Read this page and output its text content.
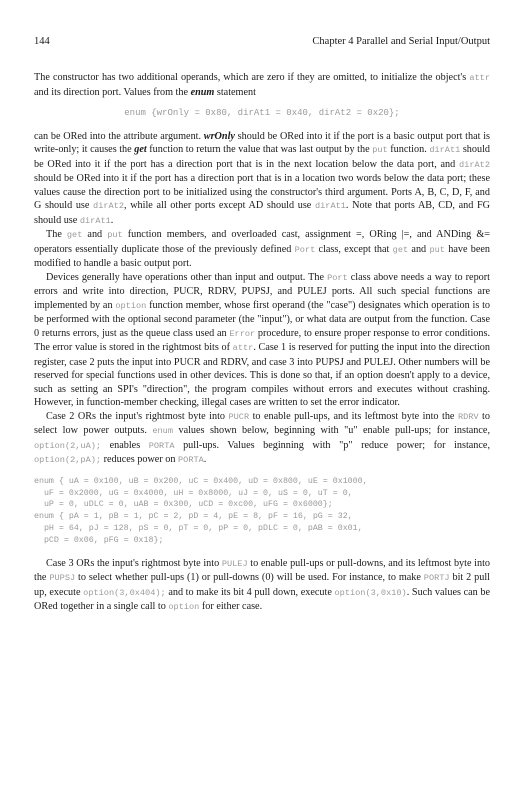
144	Chapter 4 Parallel and Serial Input/Output

The constructor has two additional operands, which are zero if they are omitted, to initialize the object's attr and its direction port. Values from the enum statement

enum {wrOnly = 0x80, dirAt1 = 0x40, dirAt2 = 0x20};

can be ORed into the attribute argument. wrOnly should be ORed into it if the port is a basic output port that is write-only; it causes the get function to return the value that was last output by the put function. dirAt1 should be ORed into it if the port has a direction port that is in the next location below the data port, and dirAt2 should be ORed into it if the port has a direction port that is in a location two words below the data port; these values cause the direction port to be initialized using the constructor's third argument. Ports A, B, C, D, F, and G should use dirAt2, while all other ports except AD should use dirAt1. Note that ports AB, CD, and FG should use dirAt1.

The get and put function members, and overloaded cast, assignment =, ORing |=, and ANDing &= operators essentially duplicate those of the previously defined Port class, except that get and put have been modified to handle a basic output port.

Devices generally have operations other than input and output. The Port class above needs a way to report errors and write into direction, PUCR, RDRV, PUPSJ, and PULEJ ports. All such special functions are implemented by an option function member, whose first operand (the "case") designates which operation is to be performed with the optional second parameter (the "input"), or what data are output from the function. Case 0 returns errors, just as the queue class used an Error procedure, to ensure proper response to error conditions. The error value is stored in the rightmost bits of attr. Case 1 is reserved for putting the input into the direction register, case 2 puts the input into PUCR and RDRV, and case 3 into PUPSJ and PULEJ. Other numbers will be reserved for special functions used in other devices. This is done so that, if an option doesn't apply to a device, such as setting an SPI's "direction", the program compiles without errors and executes without crashing. However, in function-member checking, illegal cases are written to set the error indicator.

Case 2 ORs the input's rightmost byte into PUCR to enable pull-ups, and its leftmost byte into the RDRV to select low power outputs. enum values shown below, beginning with "u" enable pull-ups; for instance, option(2,uA); enables PORTA pull-ups. Values beginning with "p" reduce power; for instance, option(2,pA); reduces power on PORTA.

enum { uA = 0x100, uB = 0x200, uC = 0x400, uD = 0x800, uE = 0x1000,
uF = 0x2000, uG = 0x4000, uH = 0x8000, uJ = 0, uS = 0, uT = 0,
uP = 0, uDLC = 0, uAB = 0x300, uCD = 0xc00, uFG = 0x6000};
enum { pA = 1, pB = 1, pC = 2, pD = 4, pE = 8, pF = 16, pG = 32,
pH = 64, pJ = 128, pS = 0, pT = 0, pP = 0, pDLC = 0, pAB = 0x01,
pCD = 0x06, pFG = 0x18};

Case 3 ORs the input's rightmost byte into PULEJ to enable pull-ups or pull-downs, and its leftmost byte into the PUPSJ to select whether pull-ups (1) or pull-downs (0) will be used. For instance, to make PORTJ bit 2 pull up, execute option(3,0x404); and to make its bit 4 pull down, execute option(3,0x10). Such values can be ORed together in a single call to option for either case.
